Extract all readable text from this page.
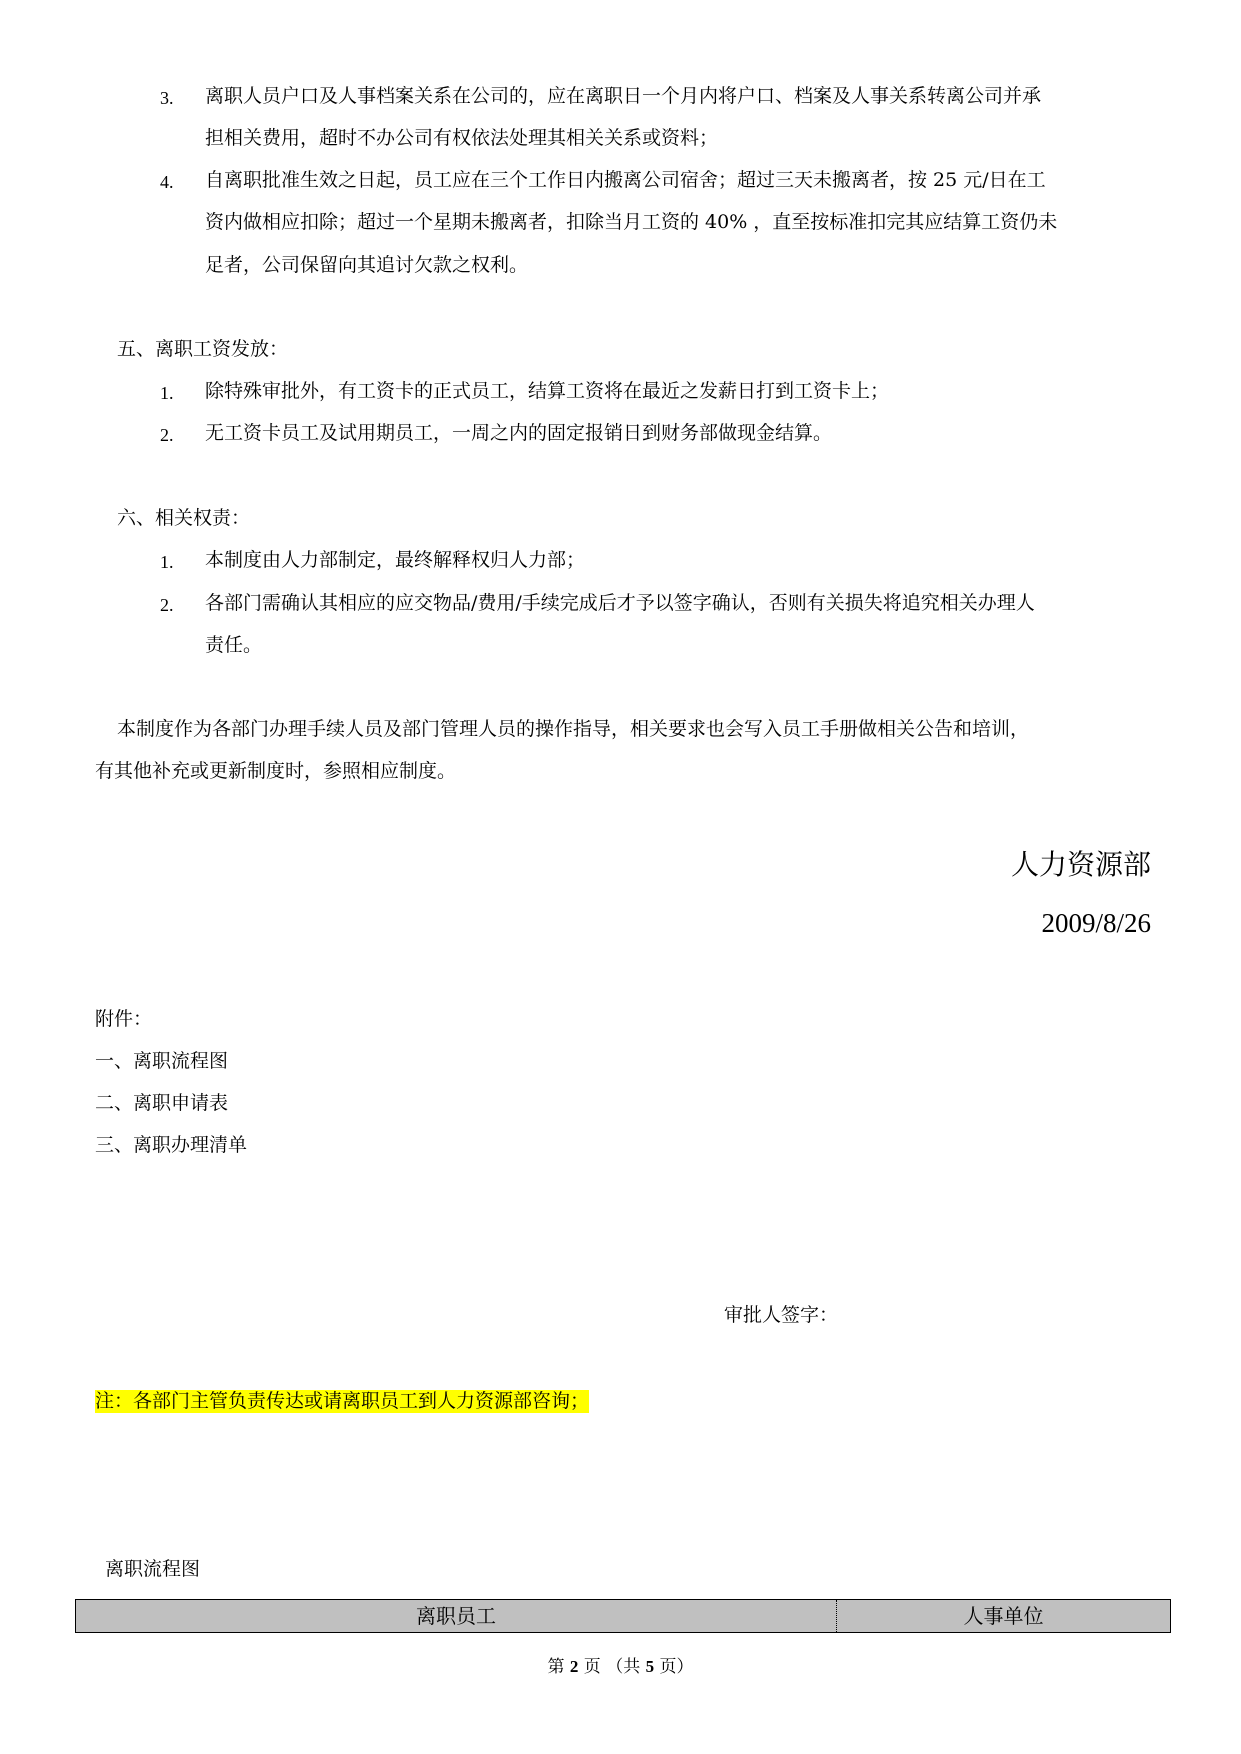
3. 离职人员户口及人事档案关系在公司的，应在离职日一个月内将户口、档案及人事关系转离公司并承
担相关费用，超时不办公司有权依法处理其相关关系或资料；
4. 自离职批准生效之日起，员工应在三个工作日内搬离公司宿舍；超过三天未搬离者，按 25 元/日在工
资内做相应扣除；超过一个星期未搬离者，扣除当月工资的 40% ，直至按标准扣完其应结算工资仍未
足者，公司保留向其追讨欠款之权利。
五、离职工资发放：
1. 除特殊审批外，有工资卡的正式员工，结算工资将在最近之发薪日打到工资卡上；
2. 无工资卡员工及试用期员工，一周之内的固定报销日到财务部做现金结算。
六、相关权责：
1. 本制度由人力部制定，最终解释权归人力部；
2. 各部门需确认其相应的应交物品/费用/手续完成后才予以签字确认，否则有关损失将追究相关办理人
责任。
本制度作为各部门办理手续人员及部门管理人员的操作指导，相关要求也会写入员工手册做相关公告和培训，
有其他补充或更新制度时，参照相应制度。
人力资源部
2009/8/26
附件：
一、离职流程图
二、离职申请表
三、离职办理清单
审批人签字：
注：各部门主管负责传达或请离职员工到人力资源部咨询；
离职流程图
离职员工	人事单位
第 2 页 （共 5 页）
